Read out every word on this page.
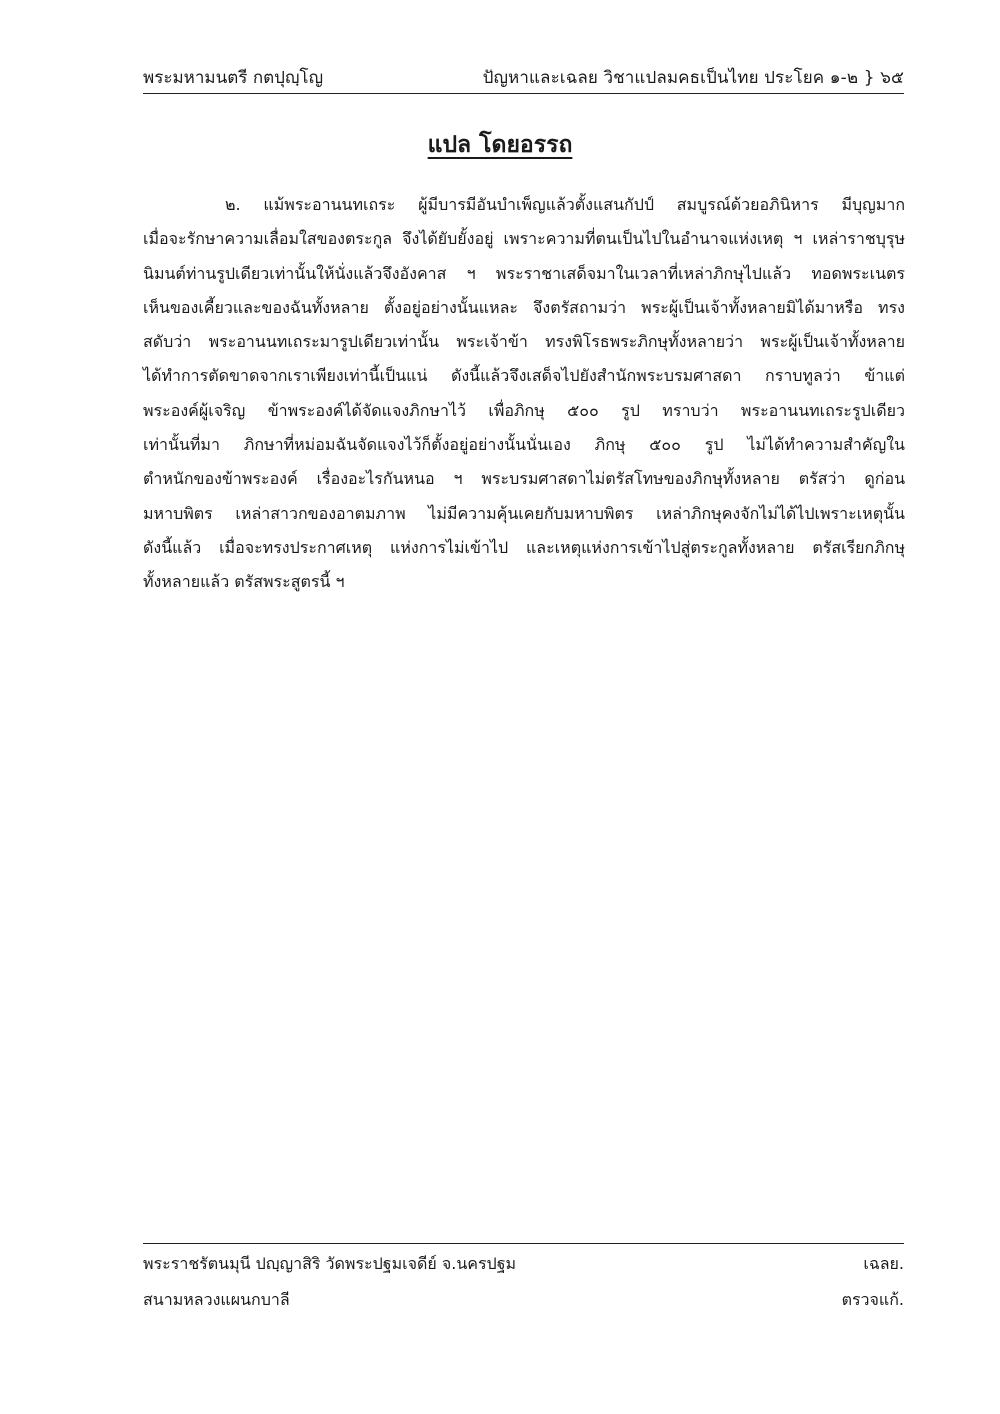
พระมหามนตรี กตปุญฺโญ	ปัญหาและเฉลย วิชาแปลมคธเป็นไทย ประโยค ๑-๒ } ๖๕
แปล โดยอรรถ
๒. แม้พระอานนทเถระ ผู้มีบารมีอันบำเพ็ญแล้วตั้งแสนกัปป์ สมบูรณ์ด้วยอภินิหาร มีบุญมาก
เมื่อจะรักษาความเลื่อมใสของตระกูล จึงได้ยับยั้งอยู่ เพราะความที่ตนเป็นไปในอำนาจแห่งเหตุ ฯ เหล่าราชบุรุษ
นิมนต์ท่านรูปเดียวเท่านั้นให้นั่งแล้วจึงอังคาส ฯ พระราชาเสด็จมาในเวลาที่เหล่าภิกษุไปแล้ว ทอดพระเนตร
เห็นของเคี้ยวและของฉันทั้งหลาย ตั้งอยู่อย่างนั้นแหละ จึงตรัสถามว่า พระผู้เป็นเจ้าทั้งหลายมิได้มาหรือ ทรง
สดับว่า พระอานนทเถระมารูปเดียวเท่านั้น พระเจ้าข้า ทรงพิโรธพระภิกษุทั้งหลายว่า พระผู้เป็นเจ้าทั้งหลาย
ได้ทำการตัดขาดจากเราเพียงเท่านี้เป็นแน่ ดังนี้แล้วจึงเสด็จไปยังสำนักพระบรมศาสดา กราบทูลว่า ข้าแต่
พระองค์ผู้เจริญ ข้าพระองค์ได้จัดแจงภิกษาไว้ เพื่อภิกษุ ๕๐๐ รูป ทราบว่า พระอานนทเถระรูปเดียว
เท่านั้นที่มา ภิกษาที่หม่อมฉันจัดแจงไว้ก็ตั้งอยู่อย่างนั้นนั่นเอง ภิกษุ ๕๐๐ รูป ไม่ได้ทำความสำคัญใน
ตำหนักของข้าพระองค์ เรื่องอะไรกันหนอ ฯ พระบรมศาสดาไม่ตรัสโทษของภิกษุทั้งหลาย ตรัสว่า ดูก่อน
มหาบพิตร เหล่าสาวกของอาตมภาพ ไม่มีความคุ้นเคยกับมหาบพิตร เหล่าภิกษุคงจักไม่ได้ไปเพราะเหตุนั้น
ดังนี้แล้ว เมื่อจะทรงประกาศเหตุ แห่งการไม่เข้าไป และเหตุแห่งการเข้าไปสู่ตระกูลทั้งหลาย ตรัสเรียกภิกษุ
ทั้งหลายแล้ว ตรัสพระสูตรนี้ ฯ
พระราชรัตนมุนี ปญฺญาสิริ วัดพระปฐมเจดีย์ จ.นครปฐม	เฉลย.
สนามหลวงแผนกบาลี	ตรวจแก้.
